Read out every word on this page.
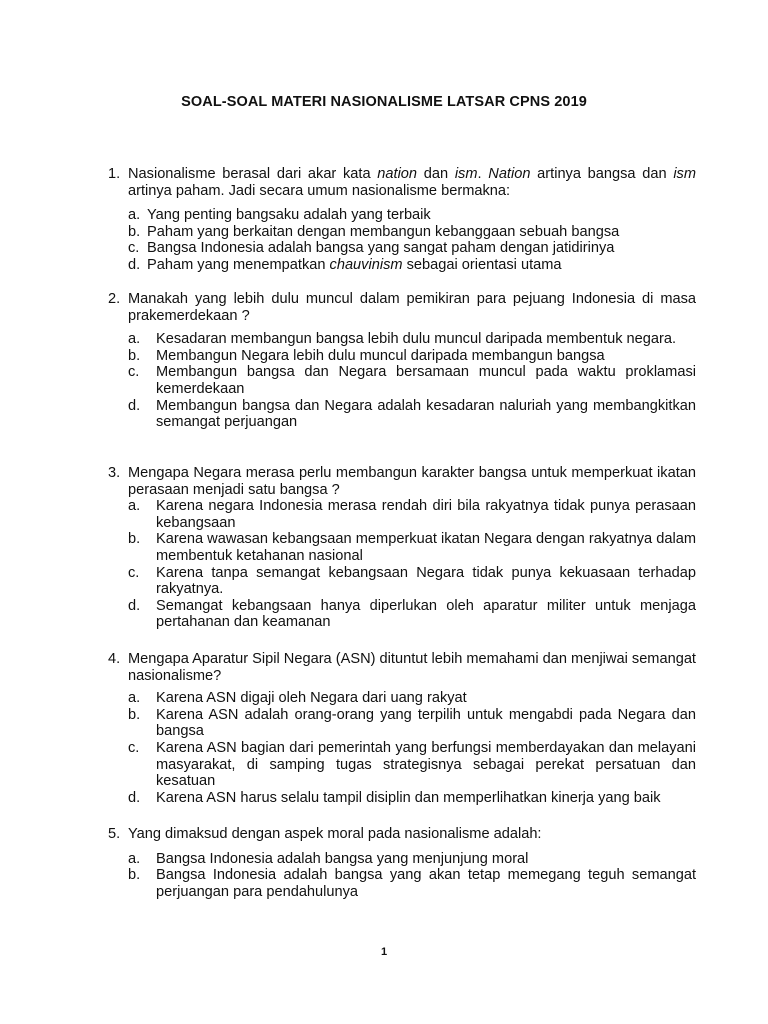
SOAL-SOAL MATERI NASIONALISME LATSAR CPNS 2019
1. Nasionalisme berasal dari akar kata nation dan ism. Nation artinya bangsa dan ism artinya paham. Jadi secara umum nasionalisme bermakna:
a. Yang penting bangsaku adalah yang terbaik
b. Paham yang berkaitan dengan membangun kebanggaan sebuah bangsa
c. Bangsa Indonesia adalah bangsa yang sangat paham dengan jatidirinya
d. Paham yang menempatkan chauvinism sebagai orientasi utama
2. Manakah yang lebih dulu muncul dalam pemikiran para pejuang Indonesia di masa prakemerdekaan ?
a.	Kesadaran membangun bangsa lebih dulu muncul daripada membentuk negara.
b.	Membangun Negara lebih dulu muncul daripada membangun bangsa
c.	Membangun bangsa dan Negara bersamaan muncul pada waktu proklamasi kemerdekaan
d.	Membangun bangsa dan Negara adalah kesadaran naluriah yang membangkitkan semangat perjuangan
3. Mengapa Negara merasa perlu membangun karakter bangsa untuk memperkuat ikatan perasaan menjadi satu bangsa ?
a.	Karena negara Indonesia merasa rendah diri bila rakyatnya tidak punya perasaan kebangsaan
b.	Karena wawasan kebangsaan memperkuat ikatan Negara dengan rakyatnya dalam membentuk ketahanan nasional
c.	Karena tanpa semangat kebangsaan Negara tidak punya kekuasaan terhadap rakyatnya.
d.	Semangat kebangsaan hanya diperlukan oleh aparatur militer untuk menjaga pertahanan dan keamanan
4. Mengapa Aparatur Sipil Negara (ASN) dituntut lebih memahami dan menjiwai semangat nasionalisme?
a.	Karena ASN digaji oleh Negara dari uang rakyat
b.	Karena ASN adalah orang-orang yang terpilih untuk mengabdi pada Negara dan bangsa
c.	Karena ASN bagian dari pemerintah yang berfungsi memberdayakan dan melayani masyarakat, di samping tugas strategisnya sebagai perekat persatuan dan kesatuan
d.	Karena ASN harus selalu tampil disiplin dan memperlihatkan kinerja yang baik
5. Yang dimaksud dengan aspek moral pada nasionalisme adalah:
a.	Bangsa Indonesia adalah bangsa yang menjunjung moral
b.	Bangsa Indonesia adalah bangsa yang akan tetap memegang teguh semangat perjuangan para pendahulunya
1
